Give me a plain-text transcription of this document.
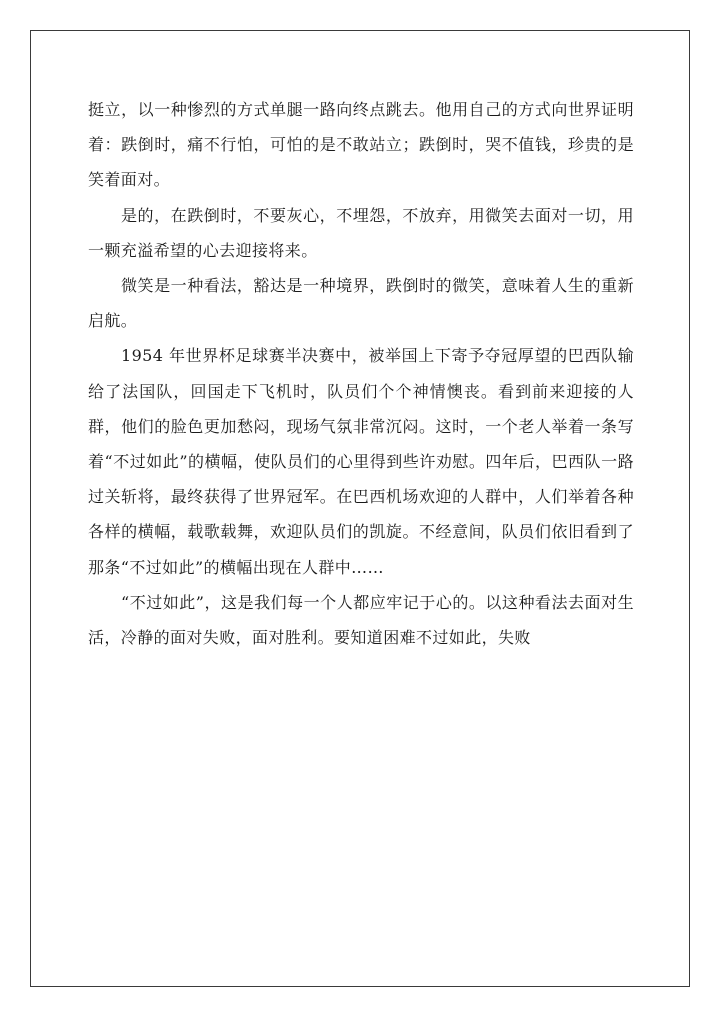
挺立，以一种惨烈的方式单腿一路向终点跳去。他用自己的方式向世界证明着：跌倒时，痛不行怕，可怕的是不敢站立；跌倒时，哭不值钱，珍贵的是笑着面对。

是的，在跌倒时，不要灰心，不埋怨，不放弃，用微笑去面对一切，用一颗充溢希望的心去迎接将来。

微笑是一种看法，豁达是一种境界，跌倒时的微笑，意味着人生的重新启航。

1954 年世界杯足球赛半决赛中，被举国上下寄予夺冠厚望的巴西队输给了法国队，回国走下飞机时，队员们个个神情懊丧。看到前来迎接的人群，他们的脸色更加愁闷，现场气氛非常沉闷。这时，一个老人举着一条写着“不过如此”的横幅，使队员们的心里得到些许劝慰。四年后，巴西队一路过关斩将，最终获得了世界冠军。在巴西机场欢迎的人群中，人们举着各种各样的横幅，载歌载舞，欢迎队员们的凯旋。不经意间，队员们依旧看到了那条“不过如此”的横幅出现在人群中……

“不过如此”，这是我们每一个人都应牢记于心的。以这种看法去面对生活，冷静的面对失败，面对胜利。要知道困难不过如此，失败
